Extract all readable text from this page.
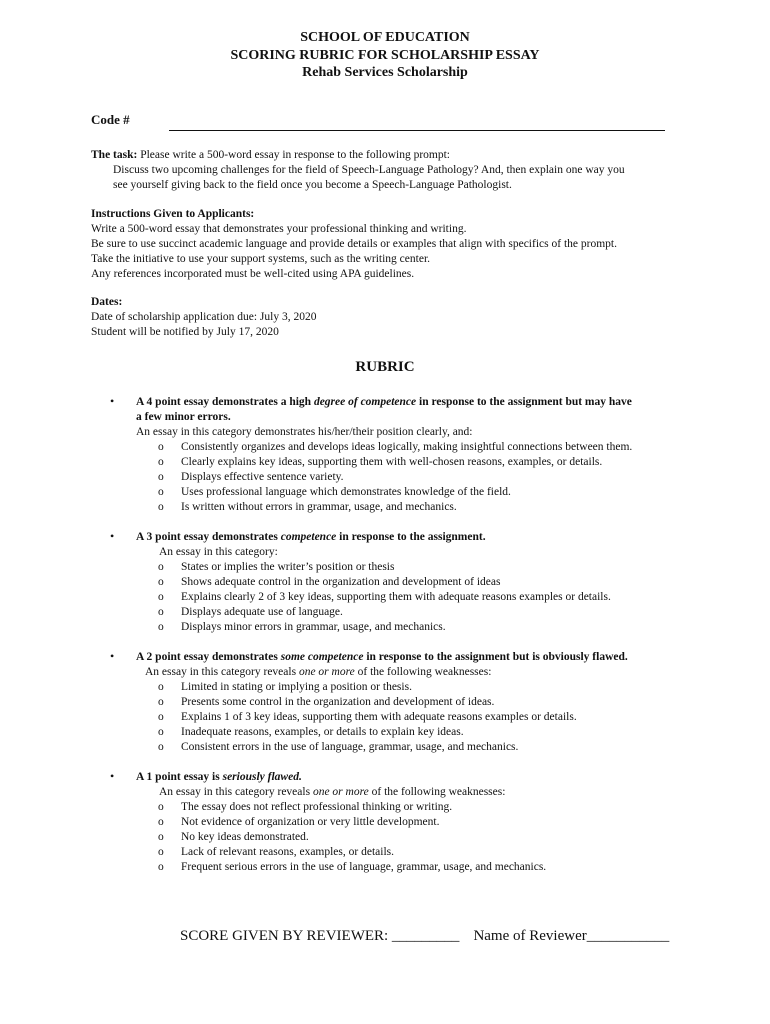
SCHOOL OF EDUCATION
SCORING RUBRIC FOR SCHOLARSHIP ESSAY
Rehab Services Scholarship
Code #
The task: Please write a 500-word essay in response to the following prompt:
Discuss two upcoming challenges for the field of Speech-Language Pathology? And, then explain one way you
see yourself giving back to the field once you become a Speech-Language Pathologist.
Instructions Given to Applicants:
Write a 500-word essay that demonstrates your professional thinking and writing.
Be sure to use succinct academic language and provide details or examples that align with specifics of the prompt.
Take the initiative to use your support systems, such as the writing center.
Any references incorporated must be well-cited using APA guidelines.
Dates:
Date of scholarship application due: July 3, 2020
Student will be notified by July 17, 2020
RUBRIC
•	A 4 point essay demonstrates a high degree of competence in response to the assignment but may have
a few minor errors.
An essay in this category demonstrates his/her/their position clearly, and:
o Consistently organizes and develops ideas logically, making insightful connections between them.
o Clearly explains key ideas, supporting them with well-chosen reasons, examples, or details.
o Displays effective sentence variety.
o Uses professional language which demonstrates knowledge of the field.
o Is written without errors in grammar, usage, and mechanics.
•	A 3 point essay demonstrates competence in response to the assignment.
An essay in this category:
o States or implies the writer’s position or thesis
o Shows adequate control in the organization and development of ideas
o Explains clearly 2 of 3 key ideas, supporting them with adequate reasons examples or details.
o Displays adequate use of language.
o Displays minor errors in grammar, usage, and mechanics.
•	A 2 point essay demonstrates some competence in response to the assignment but is obviously flawed.
An essay in this category reveals one or more of the following weaknesses:
o Limited in stating or implying a position or thesis.
o Presents some control in the organization and development of ideas.
o Explains 1 of 3 key ideas, supporting them with adequate reasons examples or details.
o Inadequate reasons, examples, or details to explain key ideas.
o Consistent errors in the use of language, grammar, usage, and mechanics.
•	A 1 point essay is seriously flawed.
An essay in this category reveals one or more of the following weaknesses:
o The essay does not reflect professional thinking or writing.
o Not evidence of organization or very little development.
o No key ideas demonstrated.
o Lack of relevant reasons, examples, or details.
o Frequent serious errors in the use of language, grammar, usage, and mechanics.
SCORE GIVEN BY REVIEWER: _________ Name of Reviewer___________
